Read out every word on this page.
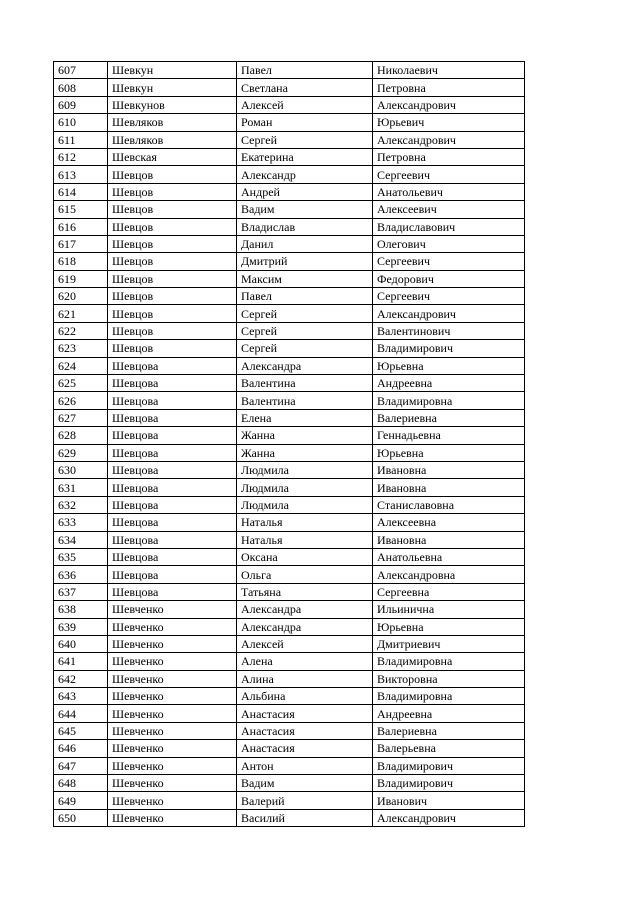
607	Шевкун	Павел	Николаевич
608	Шевкун	Светлана	Петровна
609	Шевкунов	Алексей	Александрович
610	Шевляков	Роман	Юрьевич
611	Шевляков	Сергей	Александрович
612	Шевская	Екатерина	Петровна
613	Шевцов	Александр	Сергеевич
614	Шевцов	Андрей	Анатольевич
615	Шевцов	Вадим	Алексеевич
616	Шевцов	Владислав	Владиславович
617	Шевцов	Данил	Олегович
618	Шевцов	Дмитрий	Сергеевич
619	Шевцов	Максим	Федорович
620	Шевцов	Павел	Сергеевич
621	Шевцов	Сергей	Александрович
622	Шевцов	Сергей	Валентинович
623	Шевцов	Сергей	Владимирович
624	Шевцова	Александра	Юрьевна
625	Шевцова	Валентина	Андреевна
626	Шевцова	Валентина	Владимировна
627	Шевцова	Елена	Валериевна
628	Шевцова	Жанна	Геннадьевна
629	Шевцова	Жанна	Юрьевна
630	Шевцова	Людмила	Ивановна
631	Шевцова	Людмила	Ивановна
632	Шевцова	Людмила	Станиславовна
633	Шевцова	Наталья	Алексеевна
634	Шевцова	Наталья	Ивановна
635	Шевцова	Оксана	Анатольевна
636	Шевцова	Ольга	Александровна
637	Шевцова	Татьяна	Сергеевна
638	Шевченко	Александра	Ильинична
639	Шевченко	Александра	Юрьевна
640	Шевченко	Алексей	Дмитриевич
641	Шевченко	Алена	Владимировна
642	Шевченко	Алина	Викторовна
643	Шевченко	Альбина	Владимировна
644	Шевченко	Анастасия	Андреевна
645	Шевченко	Анастасия	Валериевна
646	Шевченко	Анастасия	Валерьевна
647	Шевченко	Антон	Владимирович
648	Шевченко	Вадим	Владимирович
649	Шевченко	Валерий	Иванович
650	Шевченко	Василий	Александрович
